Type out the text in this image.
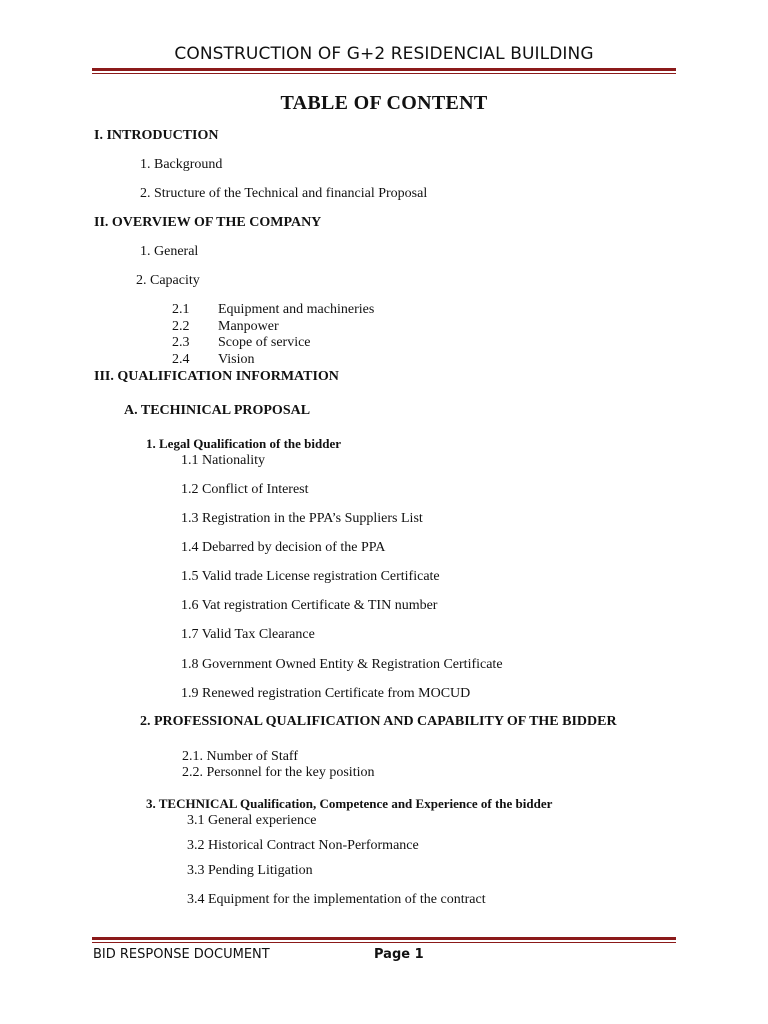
CONSTRUCTION OF G+2 RESIDENCIAL BUILDING
TABLE OF CONTENT
I. INTRODUCTION
1. Background
2. Structure of the Technical and financial Proposal
II. OVERVIEW OF THE COMPANY
1. General
2. Capacity
2.1 Equipment and machineries
2.2 Manpower
2.3 Scope of service
2.4 Vision
III. QUALIFICATION INFORMATION
A. TECHINICAL PROPOSAL
1. Legal Qualification of the bidder
1.1 Nationality
1.2 Conflict of Interest
1.3 Registration in the PPA’s Suppliers List
1.4 Debarred by decision of the PPA
1.5 Valid trade License registration Certificate
1.6 Vat registration Certificate & TIN number
1.7 Valid Tax Clearance
1.8 Government Owned Entity & Registration Certificate
1.9 Renewed registration Certificate from MOCUD
2. PROFESSIONAL QUALIFICATION AND CAPABILITY OF THE BIDDER
2.1. Number of Staff
2.2. Personnel for the key position
3. TECHNICAL Qualification, Competence and Experience of the bidder
3.1 General experience
3.2 Historical Contract Non-Performance
3.3 Pending Litigation
3.4 Equipment for the implementation of the contract
BID RESPONSE DOCUMENT	Page 1
